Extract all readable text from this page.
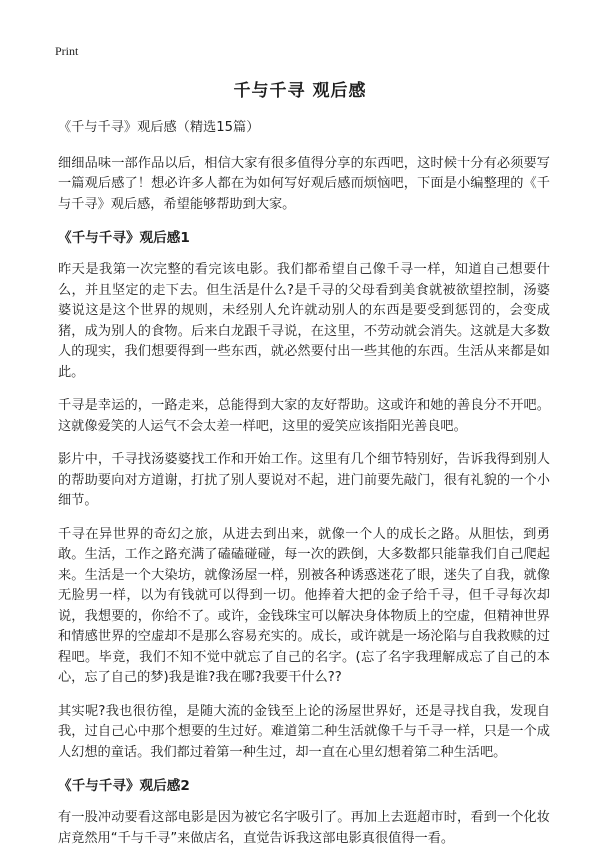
Print
千与千寻 观后感

《千与千寻》观后感（精选15篇）

细细品味一部作品以后，相信大家有很多值得分享的东西吧，这时候十分有必须要写一篇观后感了！想必许多人都在为如何写好观后感而烦恼吧，下面是小编整理的《千与千寻》观后感，希望能够帮助到大家。

《千与千寻》观后感1

昨天是我第一次完整的看完该电影。我们都希望自己像千寻一样，知道自己想要什么，并且坚定的走下去。但生活是什么?是千寻的父母看到美食就被欲望控制，汤婆婆说这是这个世界的规则，未经别人允许就动别人的东西是要受到惩罚的，会变成猪，成为别人的食物。后来白龙跟千寻说，在这里，不劳动就会消失。这就是大多数人的现实，我们想要得到一些东西，就必然要付出一些其他的东西。生活从来都是如此。

千寻是幸运的，一路走来，总能得到大家的友好帮助。这或许和她的善良分不开吧。这就像爱笑的人运气不会太差一样吧，这里的爱笑应该指阳光善良吧。

影片中，千寻找汤婆婆找工作和开始工作。这里有几个细节特别好，告诉我得到别人的帮助要向对方道谢，打扰了别人要说对不起，进门前要先敲门，很有礼貌的一个小细节。

千寻在异世界的奇幻之旅，从进去到出来，就像一个人的成长之路。从胆怯，到勇敢。生活，工作之路充满了磕磕碰碰，每一次的跌倒，大多数都只能靠我们自己爬起来。生活是一个大染坊，就像汤屋一样，别被各种诱惑迷花了眼，迷失了自我，就像无脸男一样，以为有钱就可以得到一切。他捧着大把的金子给千寻，但千寻每次却说，我想要的，你给不了。或许，金钱珠宝可以解决身体物质上的空虚，但精神世界和情感世界的空虚却不是那么容易充实的。成长，或许就是一场沦陷与自我救赎的过程吧。毕竟，我们不知不觉中就忘了自己的名字。(忘了名字我理解成忘了自己的本心，忘了自己的梦)我是谁?我在哪?我要干什么??

其实呢?我也很彷徨，是随大流的金钱至上论的汤屋世界好，还是寻找自我，发现自我，过自己心中那个想要的生过好。难道第二种生活就像千与千寻一样，只是一个成人幻想的童话。我们都过着第一种生过，却一直在心里幻想着第二种生活吧。

《千与千寻》观后感2

有一股冲动要看这部电影是因为被它名字吸引了。再加上去逛超市时，看到一个化妆店竟然用“千与千寻”来做店名，直觉告诉我这部电影真很值得一看。
